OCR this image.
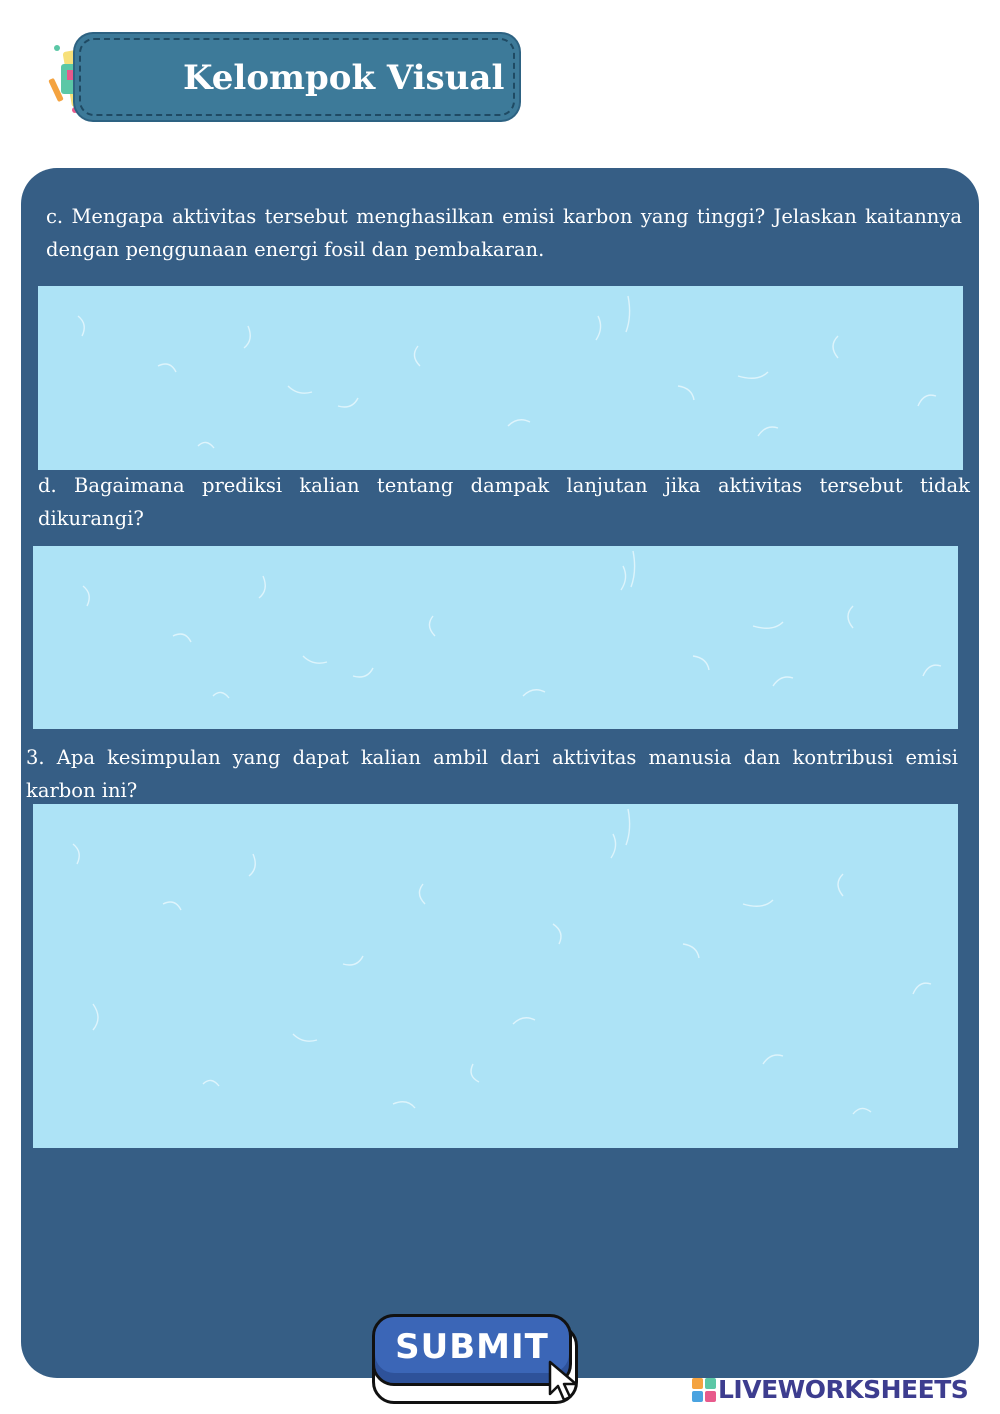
Kelompok Visual

c. Mengapa aktivitas tersebut menghasilkan emisi karbon yang tinggi? Jelaskan kaitannya dengan penggunaan energi fosil dan pembakaran.

d. Bagaimana prediksi kalian tentang dampak lanjutan jika aktivitas tersebut tidak dikurangi?

3. Apa kesimpulan yang dapat kalian ambil dari aktivitas manusia dan kontribusi emisi karbon ini?

SUBMIT
LIVEWORKSHEETS
